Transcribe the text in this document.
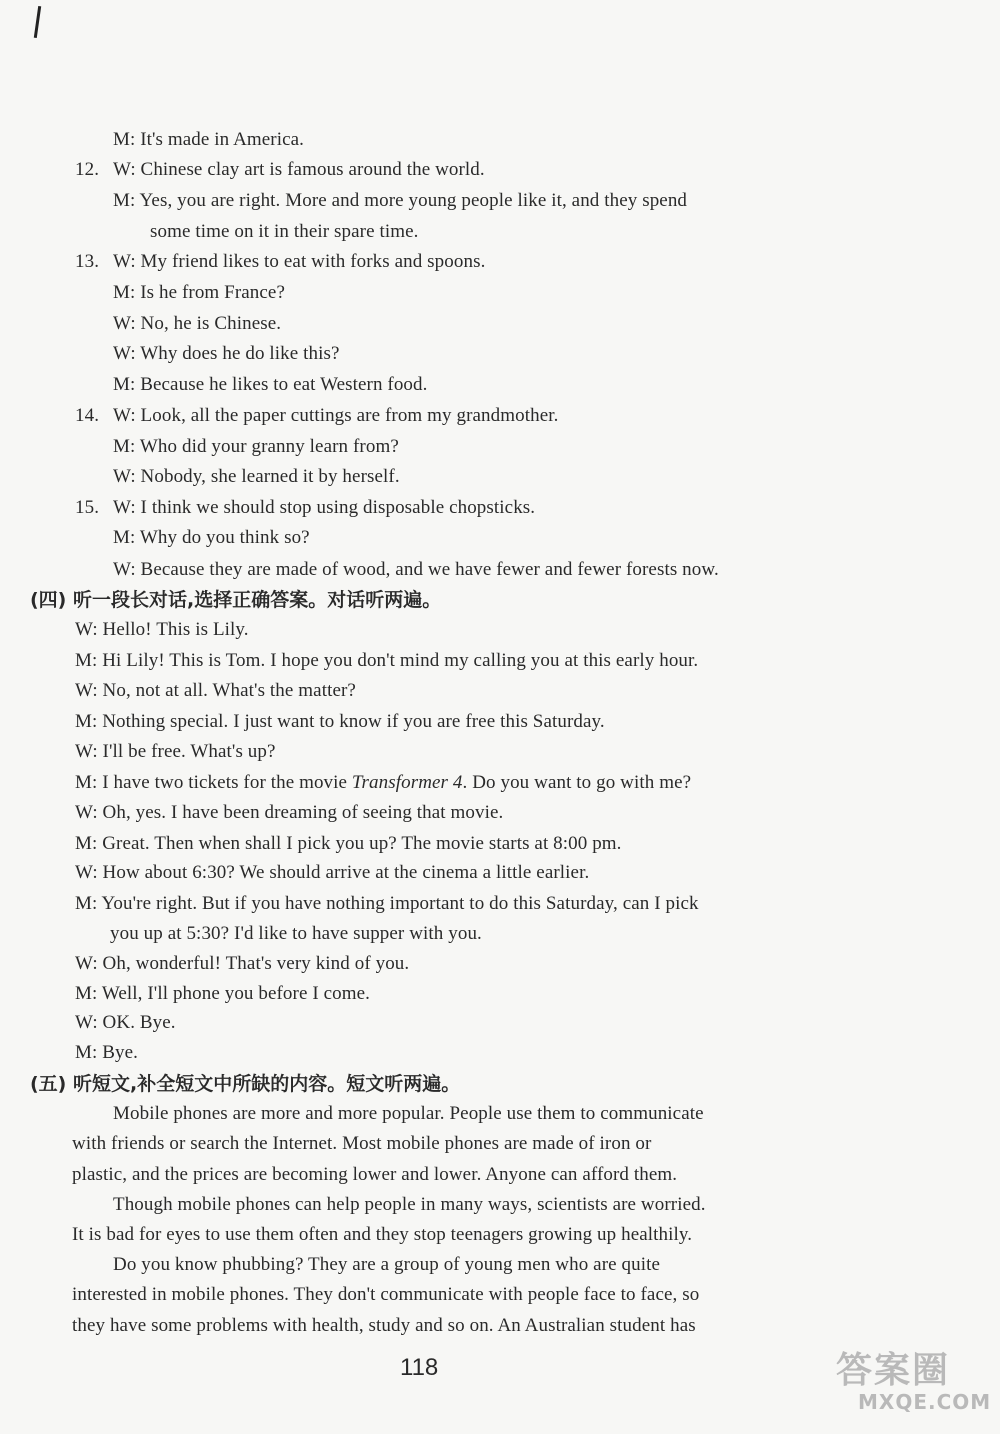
M: It's made in America.
12. W: Chinese clay art is famous around the world.
M: Yes, you are right. More and more young people like it, and they spend
some time on it in their spare time.
13. W: My friend likes to eat with forks and spoons.
M: Is he from France?
W: No, he is Chinese.
W: Why does he do like this?
M: Because he likes to eat Western food.
14. W: Look, all the paper cuttings are from my grandmother.
M: Who did your granny learn from?
W: Nobody, she learned it by herself.
15. W: I think we should stop using disposable chopsticks.
M: Why do you think so?
W: Because they are made of wood, and we have fewer and fewer forests now.
(四) 听一段长对话,选择正确答案。对话听两遍。
W: Hello! This is Lily.
M: Hi Lily! This is Tom. I hope you don't mind my calling you at this early hour.
W: No, not at all. What's the matter?
M: Nothing special. I just want to know if you are free this Saturday.
W: I'll be free. What's up?
M: I have two tickets for the movie Transformer 4. Do you want to go with me?
W: Oh, yes. I have been dreaming of seeing that movie.
M: Great. Then when shall I pick you up? The movie starts at 8:00 pm.
W: How about 6:30? We should arrive at the cinema a little earlier.
M: You're right. But if you have nothing important to do this Saturday, can I pick
you up at 5:30? I'd like to have supper with you.
W: Oh, wonderful! That's very kind of you.
M: Well, I'll phone you before I come.
W: OK. Bye.
M: Bye.
(五) 听短文,补全短文中所缺的内容。短文听两遍。
Mobile phones are more and more popular. People use them to communicate
with friends or search the Internet. Most mobile phones are made of iron or
plastic, and the prices are becoming lower and lower. Anyone can afford them.
Though mobile phones can help people in many ways, scientists are worried.
It is bad for eyes to use them often and they stop teenagers growing up healthily.
Do you know phubbing? They are a group of young men who are quite
interested in mobile phones. They don't communicate with people face to face, so
they have some problems with health, study and so on. An Australian student has
118	答案圈
MXQE.COM
